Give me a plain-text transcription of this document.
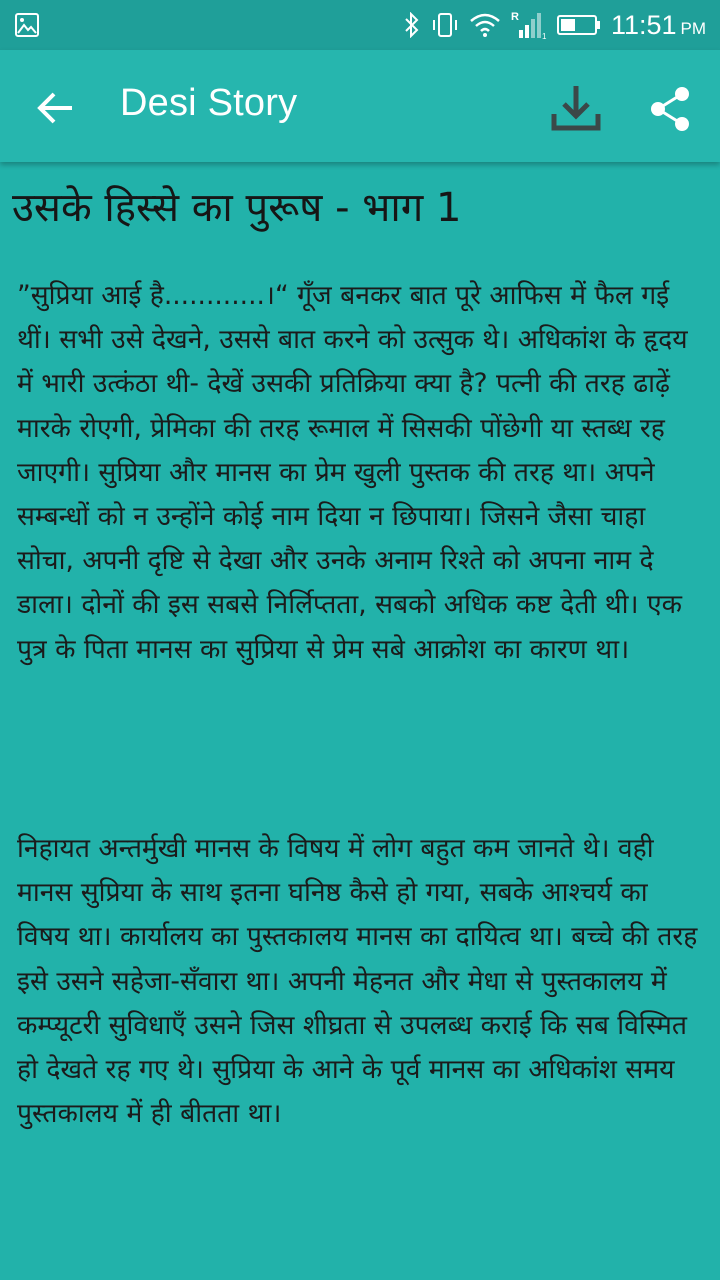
R
1 11:51 PM
Desi Story
उसके हिस्से का पुरूष - भाग 1

”सुप्रिया आई है............।“ गूँज बनकर बात पूरे आफिस में फैल गई थीं। सभी उसे देखने, उससे बात करने को उत्सुक थे। अधिकांश के हृदय में भारी उत्कंठा थी- देखें उसकी प्रतिक्रिया क्या है? पत्नी की तरह ढाढ़ें मारके रोएगी, प्रेमिका की तरह रूमाल में सिसकी पोंछेगी या स्तब्ध रह जाएगी। सुप्रिया और मानस का प्रेम खुली पुस्तक की तरह था। अपने सम्बन्धों को न उन्होंने कोई नाम दिया न छिपाया। जिसने जैसा चाहा सोचा, अपनी दृष्टि से देखा और उनके अनाम रिश्ते को अपना नाम दे डाला। दोनों की इस सबसे निर्लिप्तता, सबको अधिक कष्ट देती थी। एक पुत्र के पिता मानस का सुप्रिया से प्रेम सबे आक्रोश का कारण था।

निहायत अन्तर्मुखी मानस के विषय में लोग बहुत कम जानते थे। वही मानस सुप्रिया के साथ इतना घनिष्ठ कैसे हो गया, सबके आश्चर्य का विषय था। कार्यालय का पुस्तकालय मानस का दायित्व था। बच्चे की तरह इसे उसने सहेजा-सँवारा था। अपनी मेहनत और मेधा से पुस्तकालय में कम्प्यूटरी सुविधाएँ उसने जिस शीघ्रता से उपलब्ध कराई कि सब विस्मित हो देखते रह गए थे। सुप्रिया के आने के पूर्व मानस का अधिकांश समय पुस्तकालय में ही बीतता था।
